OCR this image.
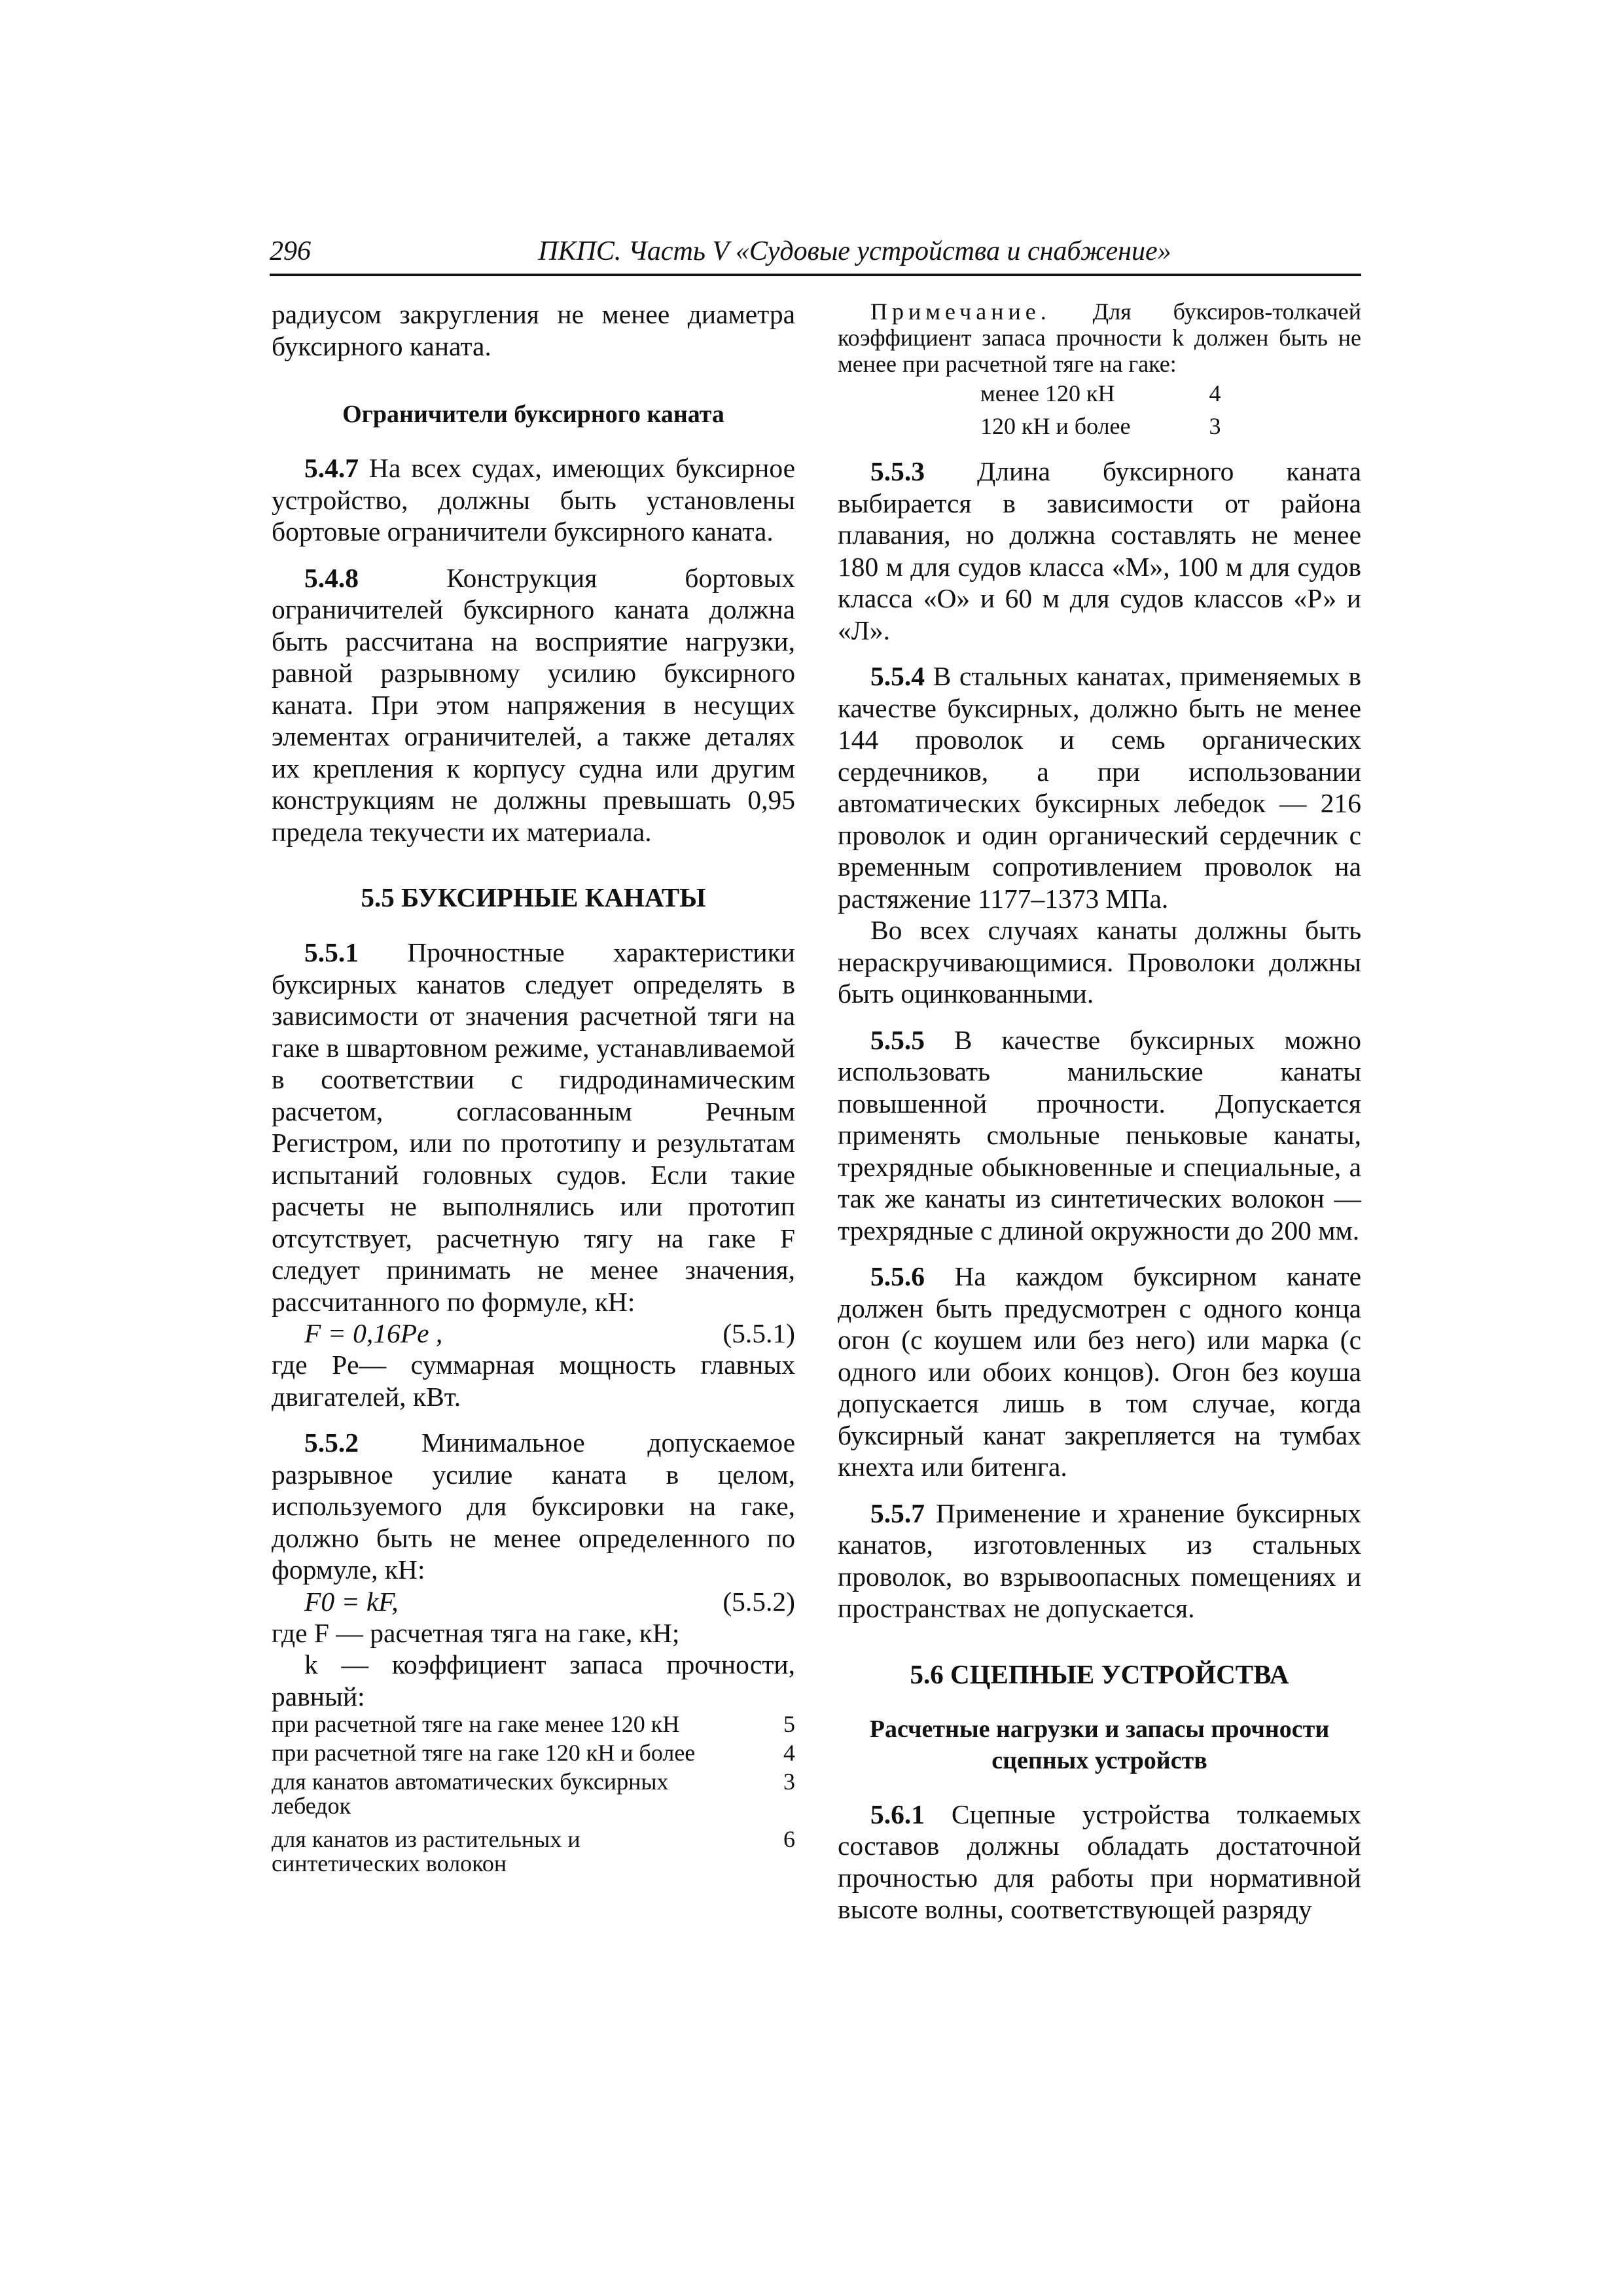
296	ПКПС. Часть V «Судовые устройства и снабжение»

радиусом закругления не менее диаметра буксирного каната.

Ограничители буксирного каната

5.4.7 На всех судах, имеющих буксирное устройство, должны быть установлены бортовые ограничители буксирного каната.

5.4.8	Конструкция бортовых ограничителей буксирного каната должна быть рассчитана на восприятие нагрузки, равной разрывному усилию буксирного каната. При этом напряжения в несущих элементах ограничителей, а также деталях их крепления к корпусу судна или другим конструкциям не должны превышать 0,95 предела текучести их материала.

5.5 БУКСИРНЫЕ КАНАТЫ

5.5.1 Прочностные характеристики буксирных канатов следует определять в зависимости от значения расчетной тяги на гаке в швартовном режиме, устанавливаемой в соответствии с гидродинамическим расчетом, согласованным Речным Регистром, или по прототипу и результатам испытаний головных судов. Если такие расчеты не выполнялись или прототип отсутствует, расчетную тягу на гаке F следует принимать не менее значения, рассчитанного по формуле, кН:

F = 0,16Pe ,	(5.5.1)

где Pe— суммарная мощность главных двигателей, кВт.

5.5.2 Минимальное допускаемое разрывное усилие каната в целом, используемого для буксировки на гаке, должно быть не менее определенного по формуле, кН:

F0 = kF,	(5.5.2)

где F — расчетная тяга на гаке, кН;

k — коэффициент запаса прочности, равный:

при расчетной тяге на гаке менее 120 кН	5
при расчетной тяге на гаке 120 кН и более	4
для канатов автоматических буксирных лебедок	3
для канатов из растительных и синтетических волокон	6

Примечание. Для буксиров-толкачей коэффициент запаса прочности k должен быть не менее при расчетной тяге на гаке:

менее 120 кН	4
120 кН и более	3

5.5.3 Длина буксирного каната выбирается в зависимости от района плавания, но должна составлять не менее 180 м для судов класса «М», 100 м для судов класса «О» и 60 м для судов классов «Р» и «Л».

5.5.4 В стальных канатах, применяемых в качестве буксирных, должно быть не менее 144 проволок и семь органических сердечников, а при использовании автоматических буксирных лебедок — 216 проволок и один органический сердечник с временным сопротивлением проволок на растяжение 1177–1373 МПа.

Во всех случаях канаты должны быть нераскручивающимися. Проволоки должны быть оцинкованными.

5.5.5 В качестве буксирных можно использовать манильские канаты повышенной прочности. Допускается применять смольные пеньковые канаты, трехрядные обыкновенные и специальные, а так же канаты из синтетических волокон — трехрядные с длиной окружности до 200 мм.

5.5.6 На каждом буксирном канате должен быть предусмотрен с одного конца огон (с коушем или без него) или марка (с одного или обоих концов). Огон без коуша допускается лишь в том случае, когда буксирный канат закрепляется на тумбах кнехта или битенга.

5.5.7 Применение и хранение буксирных канатов, изготовленных из стальных проволок, во взрывоопасных помещениях и пространствах не допускается.

5.6 СЦЕПНЫЕ УСТРОЙСТВА

Расчетные нагрузки и запасы прочности сцепных устройств

5.6.1 Сцепные устройства толкаемых составов должны обладать достаточной прочностью для работы при нормативной высоте волны, соответствующей разряду
